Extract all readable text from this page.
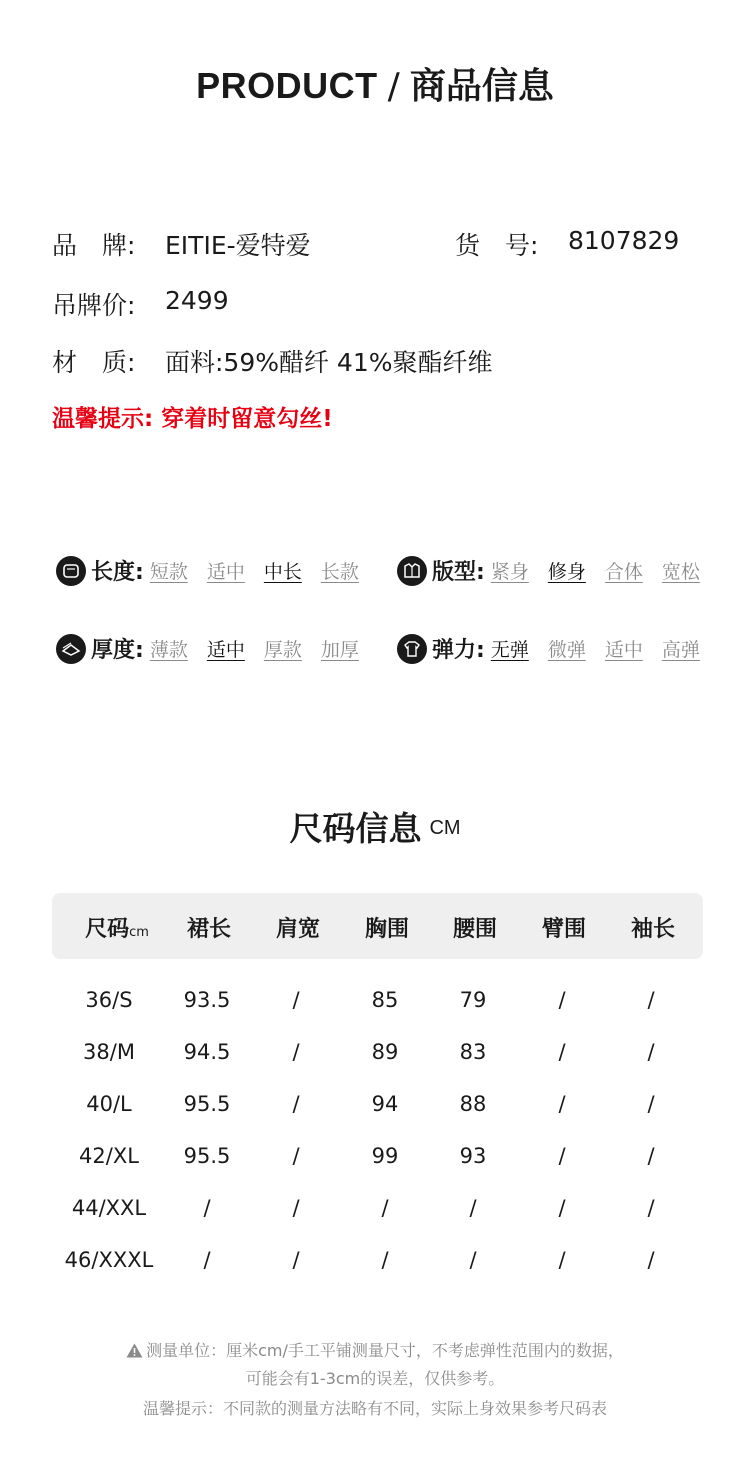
PRODUCT / 商品信息
品　牌: EITIE-爱特爱	货　号: 8107829
吊牌价: 2499
材　质: 面料:59%醋纤 41%聚酯纤维
温馨提示: 穿着时留意勾丝!
长度: 短款 适中 中长 长款	版型: 紧身 修身 合体 宽松
厚度: 薄款 适中 厚款 加厚	弹力: 无弹 微弹 适中 高弹
尺码信息 CM
尺码cm	裙长	肩宽	胸围	腰围	臂围	袖长
36/S	93.5	/	85	79	/	/
38/M	94.5	/	89	83	/	/
40/L	95.5	/	94	88	/	/
42/XL	95.5	/	99	93	/	/
44/XXL	/	/	/	/	/	/
46/XXXL	/	/	/	/	/	/
测量单位：厘米cm/手工平铺测量尺寸，不考虑弹性范围内的数据，
可能会有1-3cm的误差，仅供参考。
温馨提示：不同款的测量方法略有不同，实际上身效果参考尺码表
